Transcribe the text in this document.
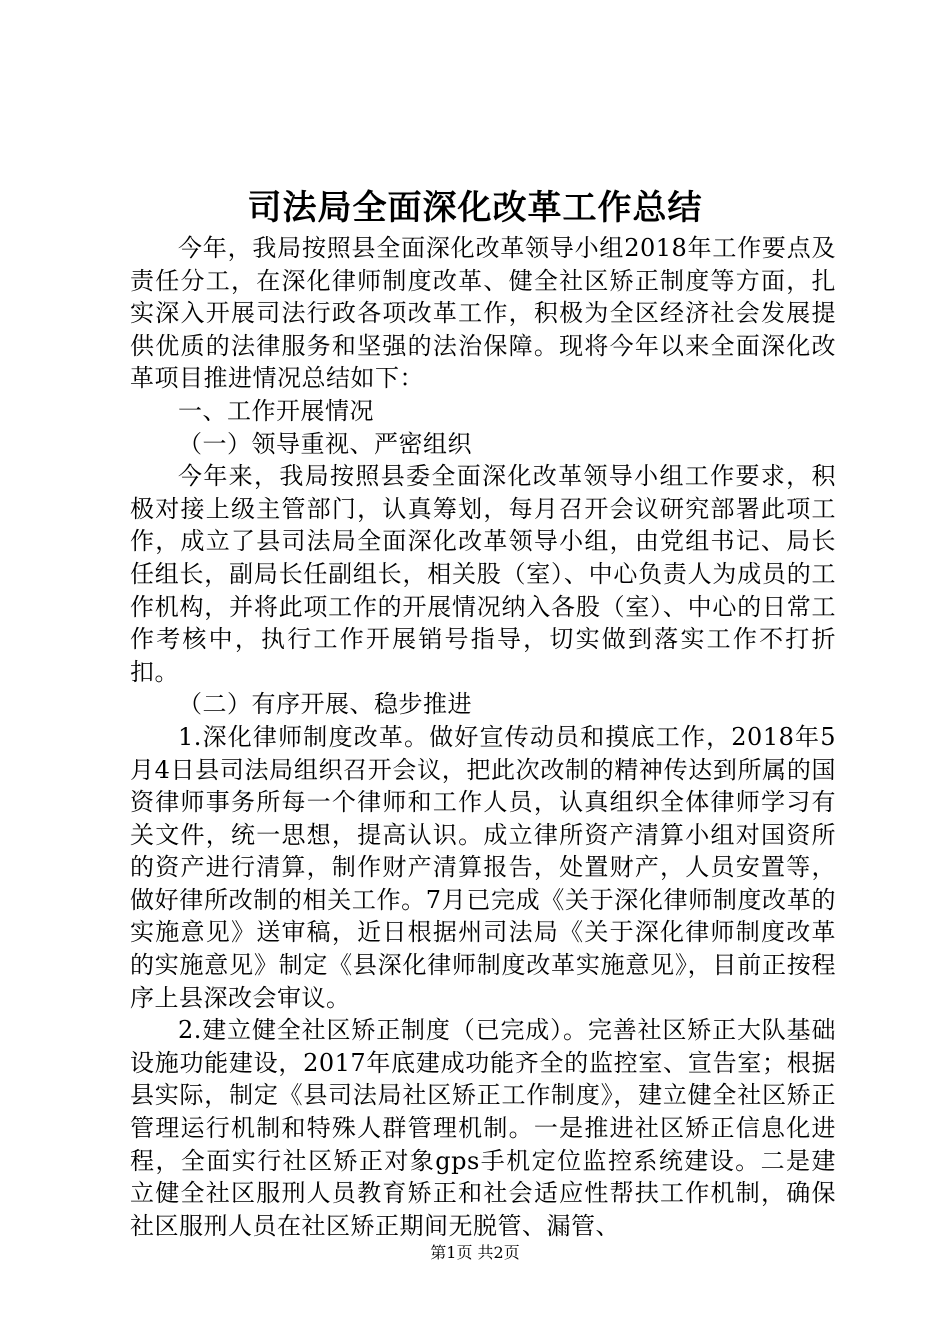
司法局全面深化改革工作总结

今年，我局按照县全面深化改革领导小组2018年工作要点及责任分工，在深化律师制度改革、健全社区矫正制度等方面，扎实深入开展司法行政各项改革工作，积极为全区经济社会发展提供优质的法律服务和坚强的法治保障。现将今年以来全面深化改革项目推进情况总结如下：

一、工作开展情况

（一）领导重视、严密组织

今年来，我局按照县委全面深化改革领导小组工作要求，积极对接上级主管部门，认真筹划，每月召开会议研究部署此项工作，成立了县司法局全面深化改革领导小组，由党组书记、局长任组长，副局长任副组长，相关股（室）、中心负责人为成员的工作机构，并将此项工作的开展情况纳入各股（室）、中心的日常工作考核中，执行工作开展销号指导，切实做到落实工作不打折扣。

（二）有序开展、稳步推进

1.深化律师制度改革。做好宣传动员和摸底工作，2018年5月4日县司法局组织召开会议，把此次改制的精神传达到所属的国资律师事务所每一个律师和工作人员，认真组织全体律师学习有关文件，统一思想，提高认识。成立律所资产清算小组对国资所的资产进行清算，制作财产清算报告，处置财产，人员安置等，做好律所改制的相关工作。7月已完成《关于深化律师制度改革的实施意见》送审稿，近日根据州司法局《关于深化律师制度改革的实施意见》制定《县深化律师制度改革实施意见》，目前正按程序上县深改会审议。

2.建立健全社区矫正制度（已完成）。完善社区矫正大队基础设施功能建设，2017年底建成功能齐全的监控室、宣告室；根据县实际，制定《县司法局社区矫正工作制度》，建立健全社区矫正管理运行机制和特殊人群管理机制。一是推进社区矫正信息化进程，全面实行社区矫正对象gps手机定位监控系统建设。二是建立健全社区服刑人员教育矫正和社会适应性帮扶工作机制，确保社区服刑人员在社区矫正期间无脱管、漏管、

第1页 共2页
